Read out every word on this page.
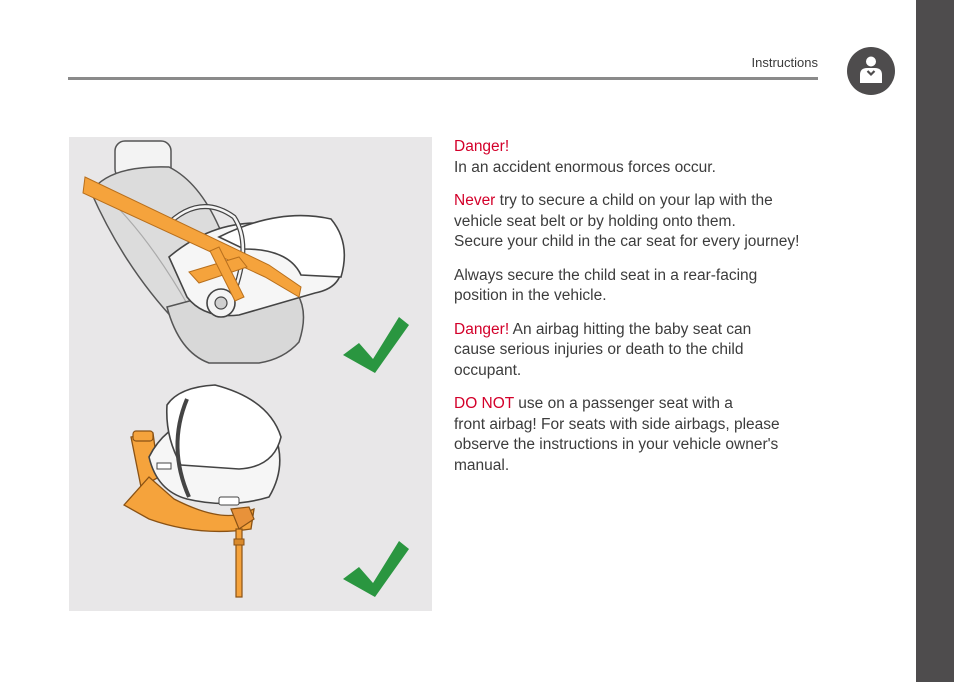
Instructions

Danger!
In an accident enormous forces occur.

Never try to secure a child on your lap with the
vehicle seat belt or by holding onto them.
Secure your child in the car seat for every journey!

Always secure the child seat in a rear-facing
position in the vehicle.

Danger! An airbag hitting the baby seat can
cause serious injuries or death to the child
occupant.

DO NOT use on a passenger seat with a
front airbag! For seats with side airbags, please
observe the instructions in your vehicle owner's
manual.
